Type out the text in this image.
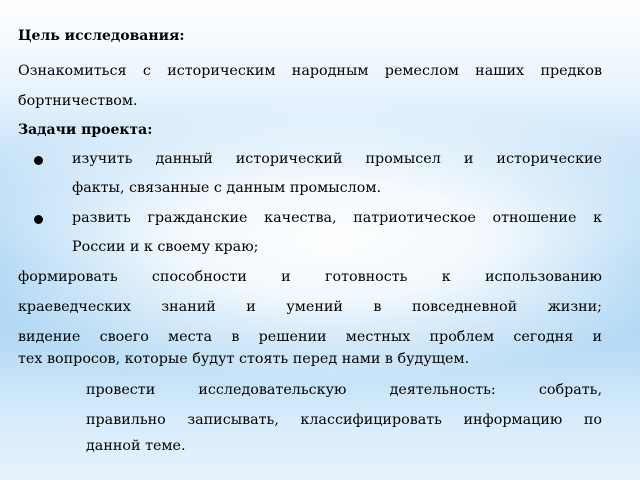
Цель исследования:
Ознакомиться с историческим народным ремеслом наших предков
бортничеством.
Задачи проекта:
изучить данный исторический промысел и исторические
факты, связанные с данным промыслом.
развить гражданские качества, патриотическое отношение к
России и к своему краю;
формировать способности и готовность к использованию
краеведческих знаний и умений в повседневной жизни;
видение своего места в решении местных проблем сегодня и
тех вопросов, которые будут стоять перед нами в будущем.
провести исследовательскую деятельность: собрать,
правильно записывать, классифицировать информацию по
данной теме.
